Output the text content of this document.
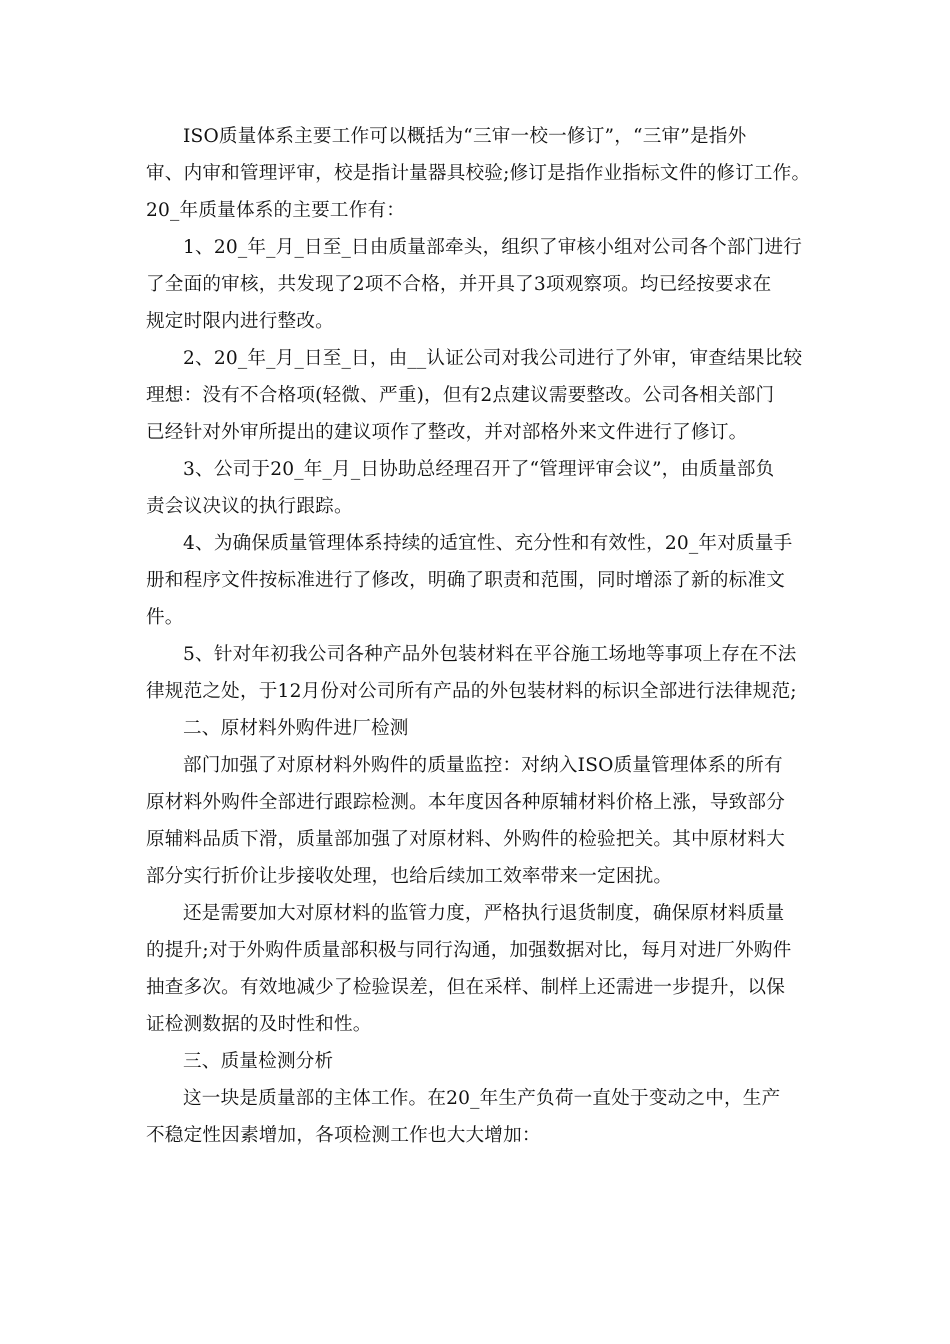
ISO质量体系主要工作可以概括为“三审一校一修订”，“三审”是指外
审、内审和管理评审，校是指计量器具校验;修订是指作业指标文件的修订工作。
20_年质量体系的主要工作有：
1、20_年_月_日至_日由质量部牵头，组织了审核小组对公司各个部门进行
了全面的审核，共发现了2项不合格，并开具了3项观察项。均已经按要求在
规定时限内进行整改。
2、20_年_月_日至_日，由__认证公司对我公司进行了外审，审查结果比较
理想：没有不合格项(轻微、严重)，但有2点建议需要整改。公司各相关部门
已经针对外审所提出的建议项作了整改，并对部格外来文件进行了修订。
3、公司于20_年_月_日协助总经理召开了“管理评审会议”，由质量部负
责会议决议的执行跟踪。
4、为确保质量管理体系持续的适宜性、充分性和有效性，20_年对质量手
册和程序文件按标准进行了修改，明确了职责和范围，同时增添了新的标准文
件。
5、针对年初我公司各种产品外包装材料在平谷施工场地等事项上存在不法
律规范之处，于12月份对公司所有产品的外包装材料的标识全部进行法律规范;
二、原材料外购件进厂检测
部门加强了对原材料外购件的质量监控：对纳入ISO质量管理体系的所有
原材料外购件全部进行跟踪检测。本年度因各种原辅材料价格上涨，导致部分
原辅料品质下滑，质量部加强了对原材料、外购件的检验把关。其中原材料大
部分实行折价让步接收处理，也给后续加工效率带来一定困扰。
还是需要加大对原材料的监管力度，严格执行退货制度，确保原材料质量
的提升;对于外购件质量部积极与同行沟通，加强数据对比，每月对进厂外购件
抽查多次。有效地减少了检验误差，但在采样、制样上还需进一步提升，以保
证检测数据的及时性和性。
三、质量检测分析
这一块是质量部的主体工作。在20_年生产负荷一直处于变动之中，生产
不稳定性因素增加，各项检测工作也大大增加：
